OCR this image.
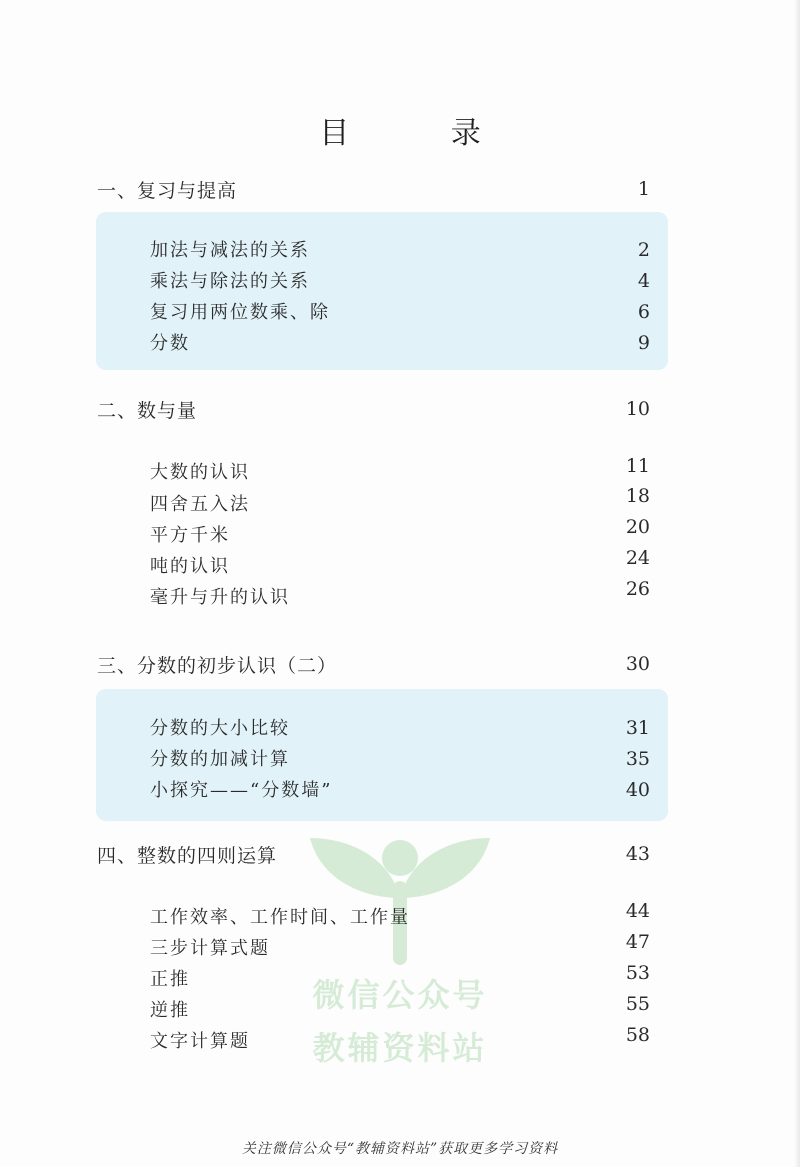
目 录
一、复习与提高	1
加法与减法的关系	2
乘法与除法的关系	4
复习用两位数乘、除	6
分数	9
二、数与量	10
大数的认识	11
四舍五入法	18
平方千米	20
吨的认识	24
毫升与升的认识	26
三、分数的初步认识（二）	30
分数的大小比较	31
分数的加减计算	35
小探究——“分数墙”	40
四、整数的四则运算	43
微信公众号
教辅资料站
工作效率、工作时间、工作量	44
三步计算式题	47
正推	53
逆推	55
文字计算题	58
关注微信公众号“教辅资料站”获取更多学习资料
